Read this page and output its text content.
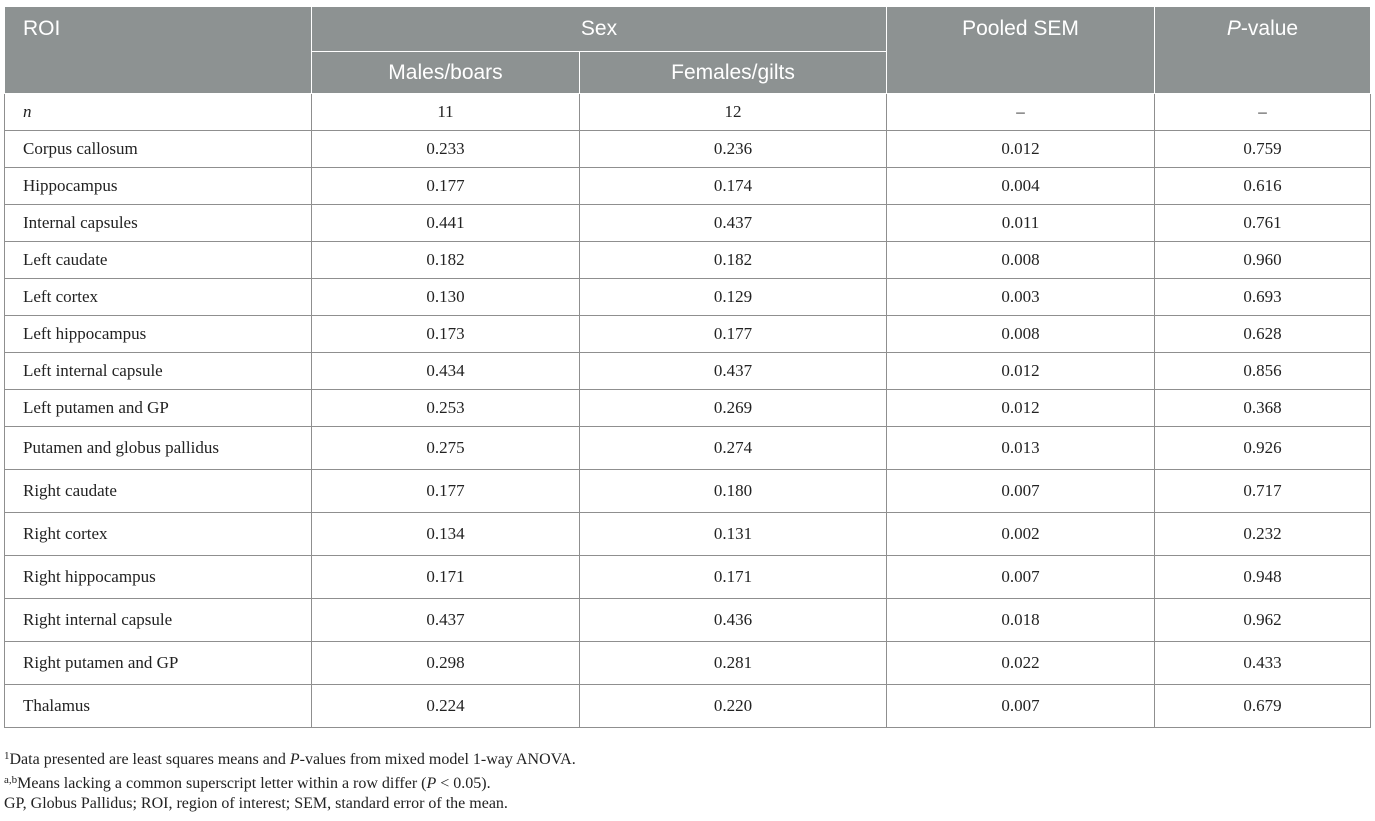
ROI	Sex		Pooled SEM	P-value
	Males/boars	Females/gilts		
n	11	12	–	–
Corpus callosum	0.233	0.236	0.012	0.759
Hippocampus	0.177	0.174	0.004	0.616
Internal capsules	0.441	0.437	0.011	0.761
Left caudate	0.182	0.182	0.008	0.960
Left cortex	0.130	0.129	0.003	0.693
Left hippocampus	0.173	0.177	0.008	0.628
Left internal capsule	0.434	0.437	0.012	0.856
Left putamen and GP	0.253	0.269	0.012	0.368
Putamen and globus pallidus	0.275	0.274	0.013	0.926
Right caudate	0.177	0.180	0.007	0.717
Right cortex	0.134	0.131	0.002	0.232
Right hippocampus	0.171	0.171	0.007	0.948
Right internal capsule	0.437	0.436	0.018	0.962
Right putamen and GP	0.298	0.281	0.022	0.433
Thalamus	0.224	0.220	0.007	0.679
$^1$Data presented are least squares means and P-values from mixed model 1-way ANOVA.
$^{a,b}$Means lacking a common superscript letter within a row differ (P < 0.05).
GP, Globus Pallidus; ROI, region of interest; SEM, standard error of the mean.
